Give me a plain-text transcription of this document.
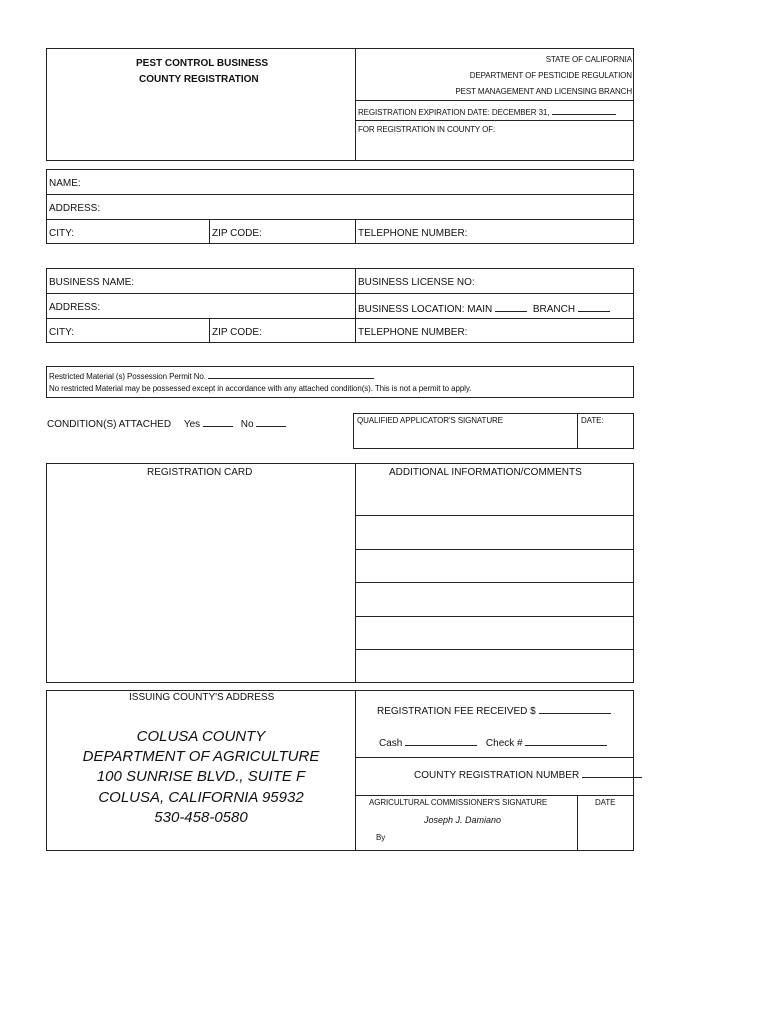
PEST CONTROL BUSINESS
COUNTY REGISTRATION
STATE OF CALIFORNIA
DEPARTMENT OF PESTICIDE REGULATION
PEST MANAGEMENT AND LICENSING BRANCH
REGISTRATION EXPIRATION DATE: DECEMBER 31,
FOR REGISTRATION IN COUNTY OF:
NAME:
ADDRESS:
CITY:	ZIP CODE:	TELEPHONE NUMBER:
BUSINESS NAME:	BUSINESS LICENSE NO:
ADDRESS:	BUSINESS LOCATION: MAIN	BRANCH
CITY:	ZIP CODE:	TELEPHONE NUMBER:
Restricted Material (s) Possession Permit No.
No restricted Material may be possessed except in accordance with any attached condition(s). This is not a permit to apply.
CONDITION(S) ATTACHED Yes	No	QUALIFIED APPLICATOR'S SIGNATURE	DATE:
REGISTRATION CARD	ADDITIONAL INFORMATION/COMMENTS
ISSUING COUNTY'S ADDRESS
COLUSA COUNTY
DEPARTMENT OF AGRICULTURE
100 SUNRISE BLVD., SUITE F
COLUSA, CALIFORNIA 95932
530-458-0580
REGISTRATION FEE RECEIVED $
Cash	Check #
COUNTY REGISTRATION NUMBER
AGRICULTURAL COMMISSIONER'S SIGNATURE	DATE
Joseph J. Damiano
By
